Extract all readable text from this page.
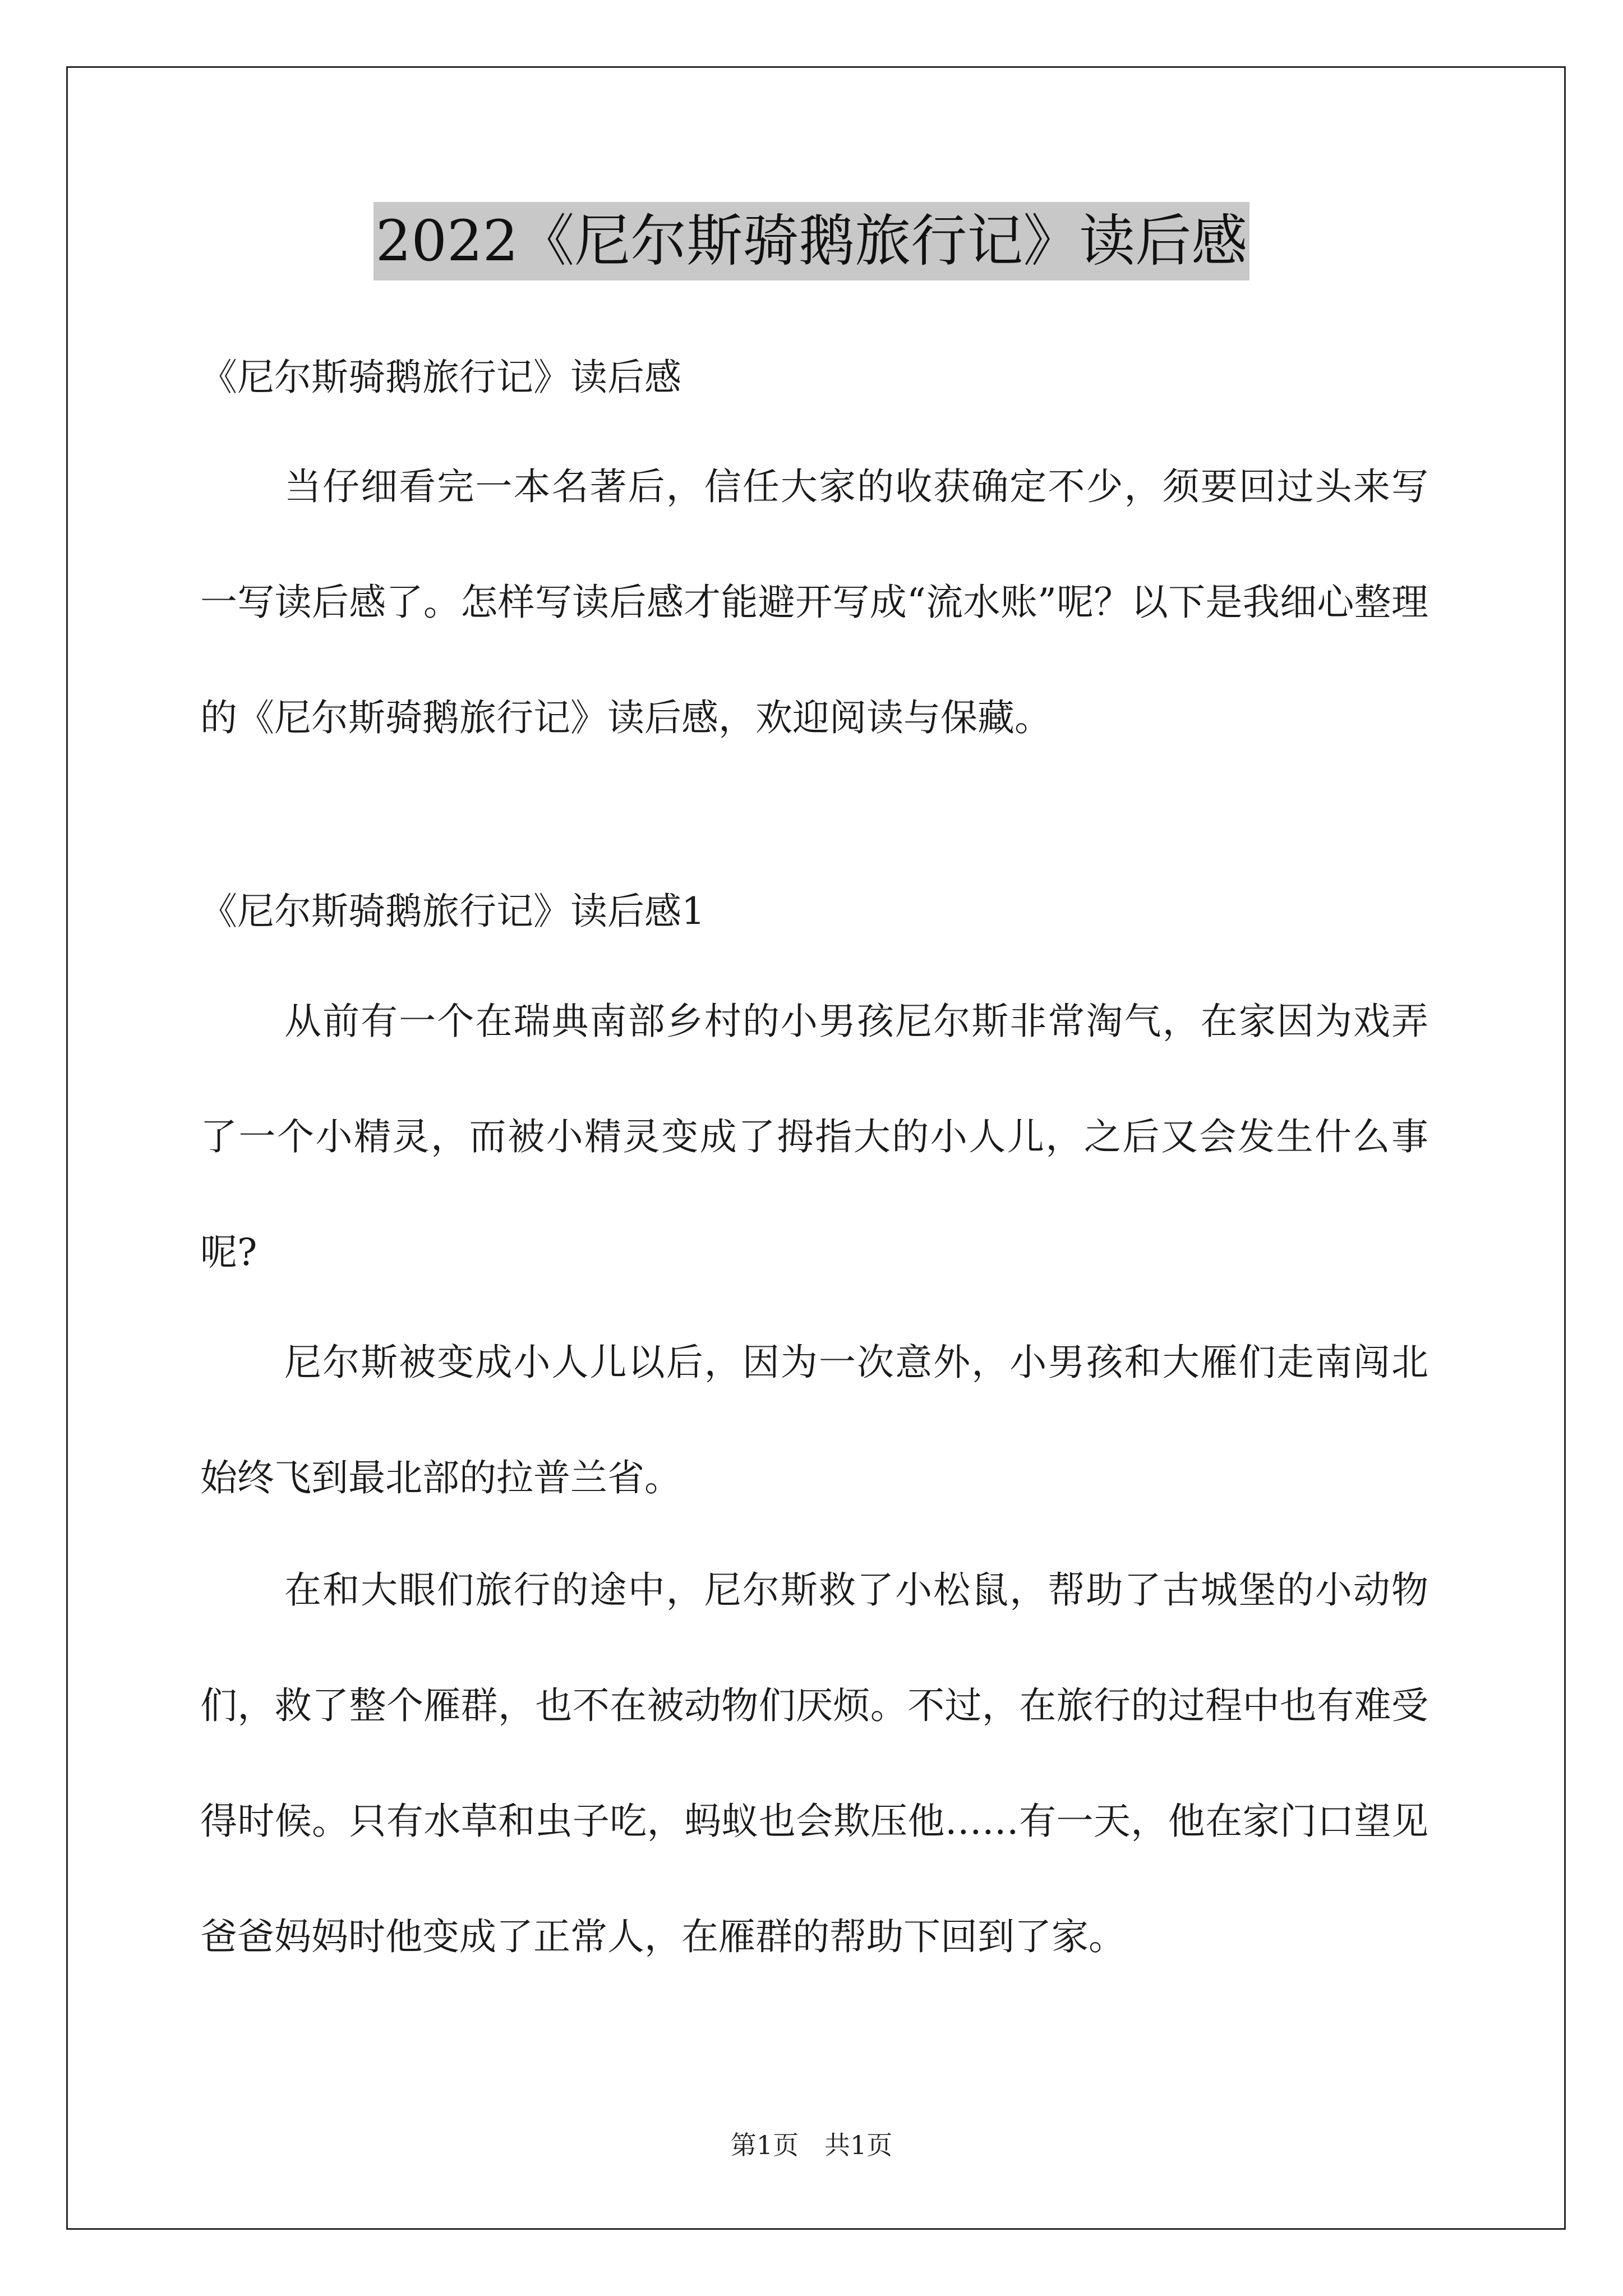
2022《尼尔斯骑鹅旅行记》读后感
《尼尔斯骑鹅旅行记》读后感
当仔细看完一本名著后，信任大家的收获确定不少，须要回过头来写一写读后感了。怎样写读后感才能避开写成“流水账”呢？以下是我细心整理的《尼尔斯骑鹅旅行记》读后感，欢迎阅读与保藏。
《尼尔斯骑鹅旅行记》读后感1
从前有一个在瑞典南部乡村的小男孩尼尔斯非常淘气，在家因为戏弄了一个小精灵，而被小精灵变成了拇指大的小人儿，之后又会发生什么事呢?
尼尔斯被变成小人儿以后，因为一次意外，小男孩和大雁们走南闯北始终飞到最北部的拉普兰省。
在和大眼们旅行的途中，尼尔斯救了小松鼠，帮助了古城堡的小动物们，救了整个雁群，也不在被动物们厌烦。不过，在旅行的过程中也有难受得时候。只有水草和虫子吃，蚂蚁也会欺压他……有一天，他在家门口望见爸爸妈妈时他变成了正常人，在雁群的帮助下回到了家。
第1页　共1页
